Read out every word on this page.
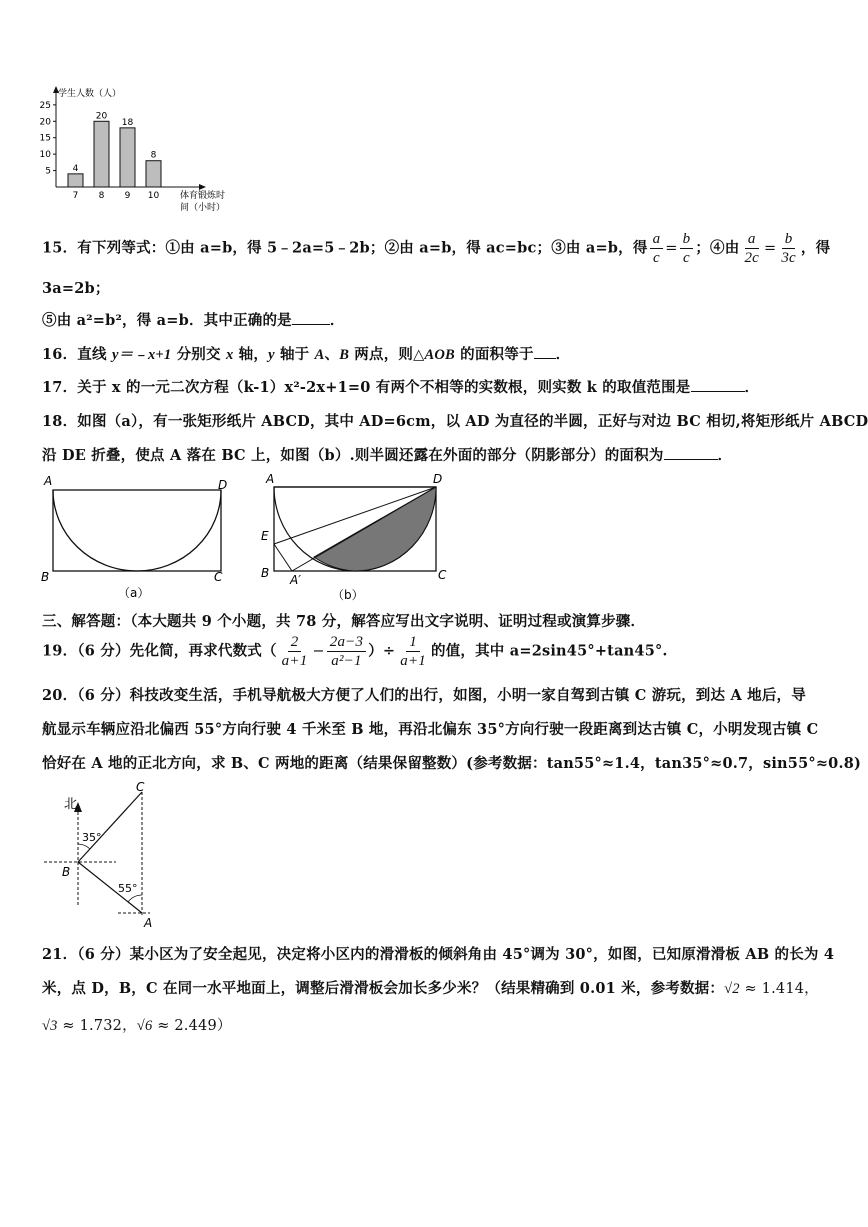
学生人数（人）
体育锻炼时
间（小时）
5
10
15
20
25
4
7
20
8
18
9
8
10
15．有下列等式：①由 a=b，得 5﹣2a=5﹣2b；②由 a=b，得 ac=bc；③由 a=b，得 $\frac{a}{c} = \frac{b}{c}$ ；④由 $\frac{a}{2c} = \frac{b}{3c}$ ，得
3a=2b；
⑤由 a²=b²，得 a=b．其中正确的是	．
16．直线 y＝﹣x+1 分别交 x 轴，y 轴于 A、B 两点，则△AOB 的面积等于 ．
17．关于 x 的一元二次方程（k-1）x²-2x+1=0 有两个不相等的实数根，则实数 k 的取值范围是	．
18．如图（a），有一张矩形纸片 ABCD，其中 AD=6cm，以 AD 为直径的半圆，正好与对边 BC 相切,将矩形纸片 ABCD
沿 DE 折叠，使点 A 落在 BC 上，如图（b）.则半圆还露在外面的部分（阴影部分）的面积为	．
A	D
B	C
（a）
A	D
E
B A′	C
（b）
三、解答题：（本大题共 9 个小题，共 78 分，解答应写出文字说明、证明过程或演算步骤．
19．（6 分）先化简，再求代数式（ $\frac{2}{a+1} - \frac{2a-3}{\text{a²−1}}$ ）÷ $\frac{1}{a+1}$ 的值，其中 a=2sin45°+tan45°.
20．（6 分）科技改变生活，手机导航极大方便了人们的出行，如图，小明一家自驾到古镇 C 游玩，到达 A 地后，导
航显示车辆应沿北偏西 55°方向行驶 4 千米至 B 地，再沿北偏东 35°方向行驶一段距离到达古镇 C，小明发现古镇 C
恰好在 A 地的正北方向，求 B、C 两地的距离（结果保留整数）(参考数据：tan55°≈1.4，tan35°≈0.7，sin55°≈0.8)
北
C
B
A
35°
55°
21．（6 分）某小区为了安全起见，决定将小区内的滑滑板的倾斜角由 45°调为 30°，如图，已知原滑滑板 AB 的长为 4
米，点 D，B，C 在同一水平地面上，调整后滑滑板会加长多少米？（结果精确到 0.01 米，参考数据：√2 ≈ 1.414，
√3 ≈ 1.732，√6 ≈ 2.449）
